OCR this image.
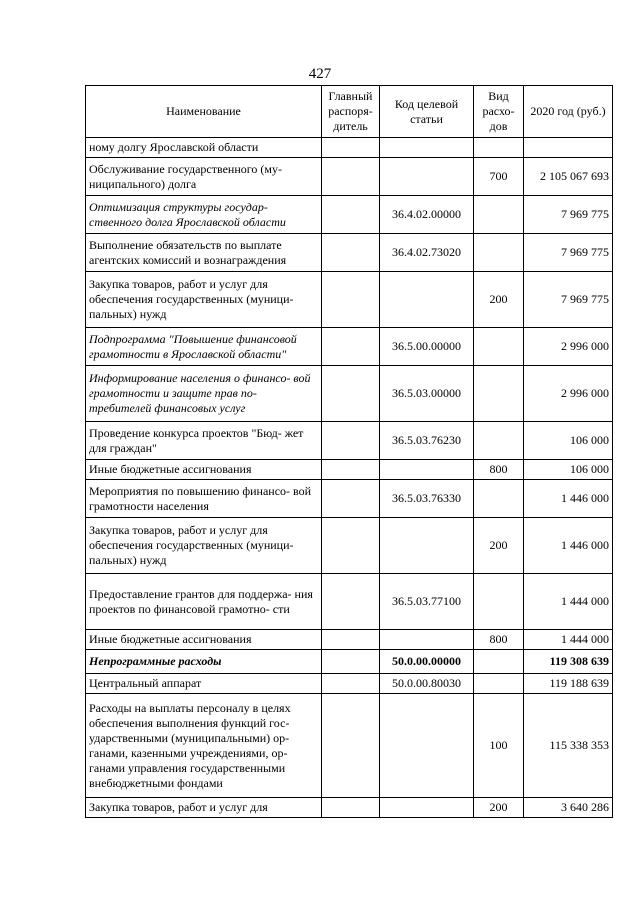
427
Наименование	Главный распоря- дитель	Код целевой статьи	Вид расхо- дов	2020 год (руб.)
ному долгу Ярославской области				
Обслуживание государственного (му- ниципального) долга			700	2 105 067 693
Оптимизация структуры государ- ственного долга Ярославской области		36.4.02.00000		7 969 775
Выполнение обязательств по выплате агентских комиссий и вознаграждения		36.4.02.73020		7 969 775
Закупка товаров, работ и услуг для обеспечения государственных (муници- пальных) нужд			200	7 969 775
Подпрограмма "Повышение финансовой грамотности в Ярославской области"		36.5.00.00000		2 996 000
Информирование населения о финансо- вой грамотности и защите прав по- требителей финансовых услуг		36.5.03.00000		2 996 000
Проведение конкурса проектов "Бюд- жет для граждан"		36.5.03.76230		106 000
Иные бюджетные ассигнования			800	106 000
Мероприятия по повышению финансо- вой грамотности населения		36.5.03.76330		1 446 000
Закупка товаров, работ и услуг для обеспечения государственных (муници- пальных) нужд			200	1 446 000
Предоставление грантов для поддержа- ния проектов по финансовой грамотно- сти		36.5.03.77100		1 444 000
Иные бюджетные ассигнования			800	1 444 000
Непрограммные расходы		50.0.00.00000		119 308 639
Центральный аппарат		50.0.00.80030		119 188 639
Расходы на выплаты персоналу в целях обеспечения выполнения функций гос- ударственными (муниципальными) ор- ганами, казенными учреждениями, ор- ганами управления государственными внебюджетными фондами			100	115 338 353
Закупка товаров, работ и услуг для			200	3 640 286
